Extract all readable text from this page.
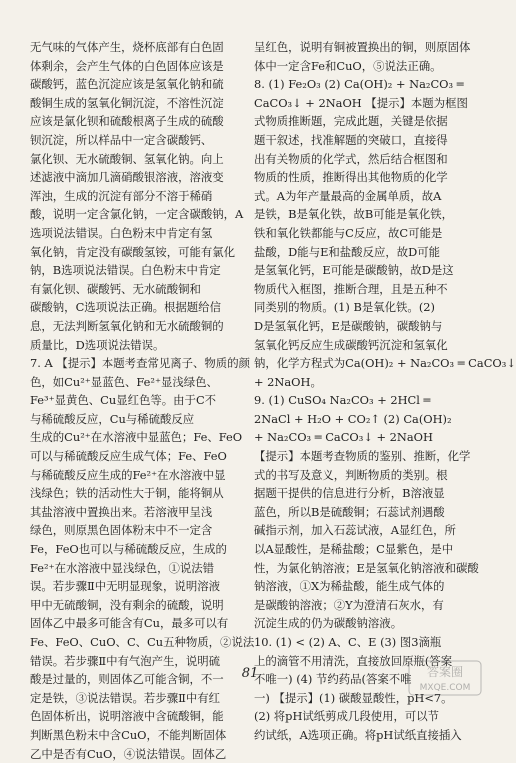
无气味的气体产生，烧杯底部有白色固
体剩余，会产生气体的白色固体应该是
碳酸钙，蓝色沉淀应该是氢氧化钠和硫
酸铜生成的氢氧化铜沉淀，不溶性沉淀
应该是氯化钡和硫酸根离子生成的硫酸
钡沉淀，所以样品中一定含碳酸钙、
氯化钡、无水硫酸铜、氢氧化钠。向上
述滤液中滴加几滴硝酸银溶液，溶液变
浑浊，生成的沉淀有部分不溶于稀硝
酸，说明一定含氯化钠，一定含碳酸钠，A
选项说法错误。白色粉末中肯定有氢
氧化钠，肯定没有碳酸氢铵，可能有氯化
钠，B选项说法错误。白色粉末中肯定
有氯化钡、碳酸钙、无水硫酸铜和
碳酸钠，C选项说法正确。根据题给信
息，无法判断氢氧化钠和无水硫酸铜的
质量比，D选项说法错误。
7. A 【提示】本题考查常见离子、物质的颜
色，如Cu²⁺显蓝色、Fe²⁺显浅绿色、
Fe³⁺显黄色、Cu显红色等。由于C不
与稀硫酸反应，Cu与稀硫酸反应
生成的Cu²⁺在水溶液中显蓝色；Fe、FeO
可以与稀硫酸反应生成气体；Fe、FeO
与稀硫酸反应生成的Fe²⁺在水溶液中显
浅绿色；铁的活动性大于铜，能将铜从
其盐溶液中置换出来。若溶液甲呈浅
绿色，则原黑色固体粉末中不一定含
Fe，FeO也可以与稀硫酸反应，生成的
Fe²⁺在水溶液中显浅绿色，①说法错
误。若步骤Ⅱ中无明显现象，说明溶液
甲中无硫酸铜，没有剩余的硫酸，说明
固体乙中最多可能含有Cu，最多可以有
Fe、FeO、CuO、C、Cu五种物质，②说法
错误。若步骤Ⅱ中有气泡产生，说明硫
酸是过量的，则固体乙可能含铜，不一
定是铁，③说法错误。若步骤Ⅱ中有红
色固体析出，说明溶液中含硫酸铜，能
判断黑色粉末中含CuO，不能判断固体
乙中是否有CuO，④说法错误。固体乙
呈红色，说明有铜被置换出的铜，则原固体
体中一定含Fe和CuO，⑤说法正确。
8. (1) Fe₂O₃ (2) Ca(OH)₂ + Na₂CO₃ ═
CaCO₃↓ + 2NaOH 【提示】本题为框图
式物质推断题，完成此题，关键是依据
题干叙述，找准解题的突破口，直接得
出有关物质的化学式，然后结合框图和
物质的性质，推断得出其他物质的化学
式。A为年产量最高的金属单质，故A
是铁，B是氧化铁，故B可能是氧化铁，
铁和氧化铁都能与C反应，故C可能是
盐酸，D能与E和盐酸反应，故D可能
是氢氧化钙，E可能是碳酸钠，故D是这
物质代入框图，推断合理，且是五种不
同类别的物质。(1) B是氧化铁。(2)
D是氢氧化钙，E是碳酸钠，碳酸钠与
氢氧化钙反应生成碳酸钙沉淀和氢氧化
钠，化学方程式为Ca(OH)₂ + Na₂CO₃ ═ CaCO₃↓
+ 2NaOH。
9. (1) CuSO₄ Na₂CO₃ + 2HCl ═
2NaCl + H₂O + CO₂↑ (2) Ca(OH)₂
+ Na₂CO₃ ═ CaCO₃↓ + 2NaOH
【提示】本题考查物质的鉴别、推断，化学
式的书写及意义，判断物质的类别。根
据题干提供的信息进行分析，B溶液显
蓝色，所以B是硫酸铜；石蕊试剂遇酸
碱指示剂，加入石蕊试液，A显红色，所
以A显酸性，是稀盐酸；C显紫色，是中
性，为氯化钠溶液；E是氢氧化钠溶液和碳酸
钠溶液，①X为稀盐酸，能生成气体的
是碳酸钠溶液；②Y为澄清石灰水，有
沉淀生成的仍为碳酸钠溶液。
10. (1) < (2) A、C、E (3) 图3滴瓶
上的滴管不用清洗，直接放回原瓶(答案
不唯一) (4) 节约药品(答案不唯
一) 【提示】(1) 碳酸显酸性，pH<7。
(2) 将pH试纸剪成几段使用，可以节
约试纸，A选项正确。将pH试纸直接插入
81	答案圈
MXQE.COM
